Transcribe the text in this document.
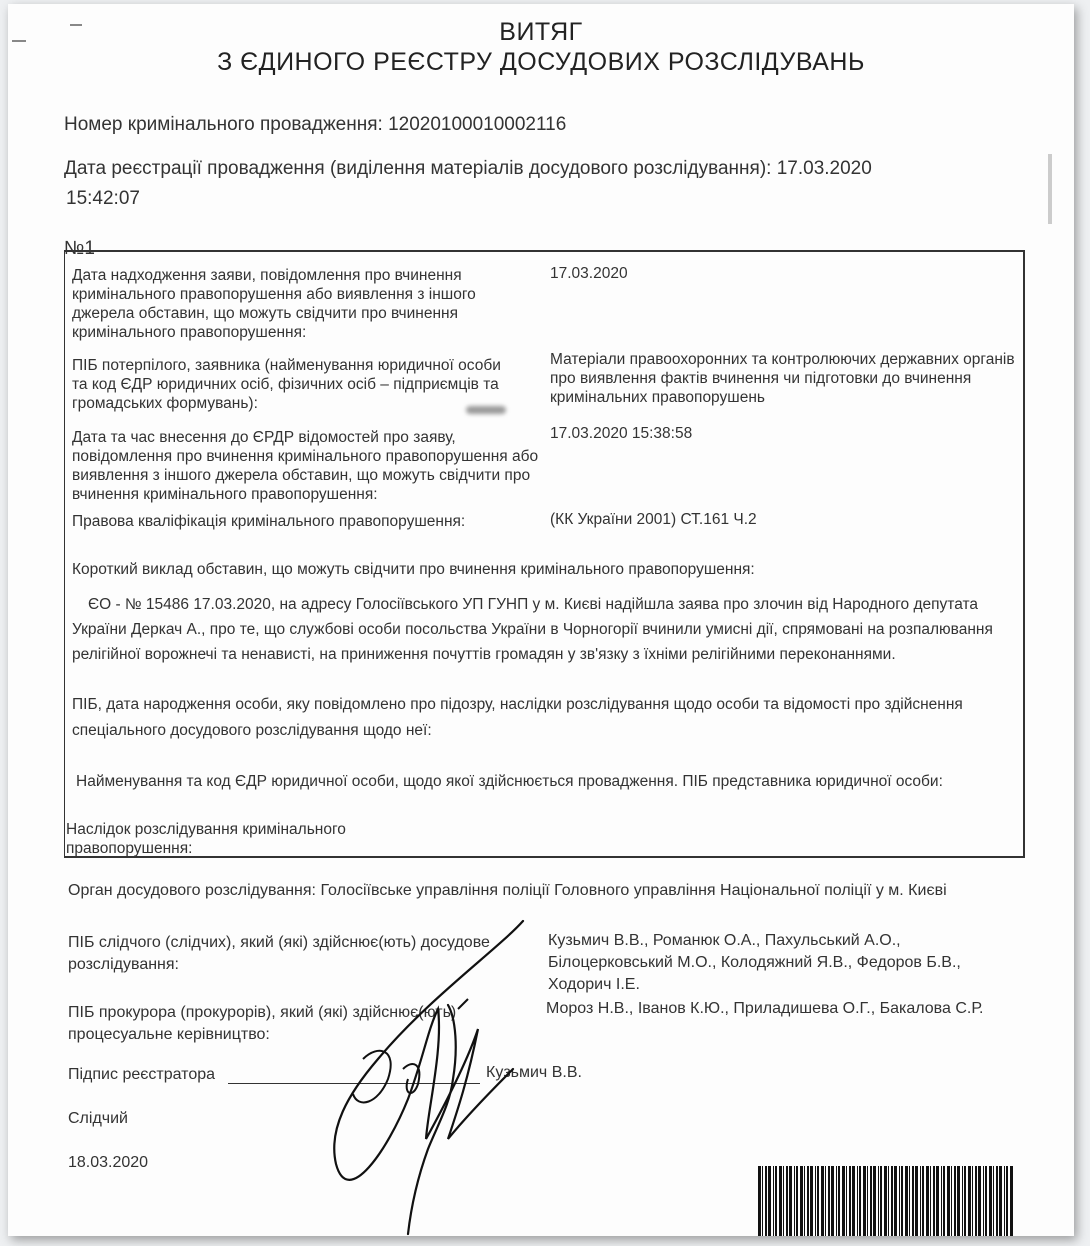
ВИТЯГ
З ЄДИНОГО РЕЄСТРУ ДОСУДОВИХ РОЗСЛІДУВАНЬ
Номер кримінального провадження: 12020100010002116
Дата реєстрації провадження (виділення матеріалів досудового розслідування): 17.03.2020
15:42:07
№1
Дата надходження заяви, повідомлення про вчинення
кримінального правопорушення або виявлення з іншого
джерела обставин, що можуть свідчити про вчинення
кримінального правопорушення:
17.03.2020
ПІБ потерпілого, заявника (найменування юридичної особи
та код ЄДР юридичних осіб, фізичних осіб – підприємців та
громадських формувань):
Матеріали правоохоронних та контролюючих державних органів
про виявлення фактів вчинення чи підготовки до вчинення
кримінальних правопорушень
Дата та час внесення до ЄРДР відомостей про заяву,
повідомлення про вчинення кримінального правопорушення або
виявлення з іншого джерела обставин, що можуть свідчити про
вчинення кримінального правопорушення:
17.03.2020 15:38:58
Правова кваліфікація кримінального правопорушення:	(КК України 2001) СТ.161 Ч.2
Короткий виклад обставин, що можуть свідчити про вчинення кримінального правопорушення:
ЄО - № 15486 17.03.2020, на адресу Голосіївського УП ГУНП у м. Києві надійшла заява про злочин від Народного депутата
України Деркач А., про те, що службові особи посольства України в Чорногорії вчинили умисні дії, спрямовані на розпалювання
релігійної ворожнечі та ненависті, на приниження почуттів громадян у зв'язку з їхніми релігійними переконаннями.
ПІБ, дата народження особи, яку повідомлено про підозру, наслідки розслідування щодо особи та відомості про здійснення
спеціального досудового розслідування щодо неї:
Найменування та код ЄДР юридичної особи, щодо якої здійснюється провадження. ПІБ представника юридичної особи:
Наслідок розслідування кримінального
правопорушення:
Орган досудового розслідування: Голосіївське управління поліції Головного управління Національної поліції у м. Києві
ПІБ слідчого (слідчих), який (які) здійснює(ють) досудове
розслідування:
Кузьмич В.В., Романюк О.А., Пахульський А.О.,
Білоцерковський М.О., Колодяжний Я.В., Федоров Б.В.,
Ходорич І.Е.
ПІБ прокурора (прокурорів), який (які) здійснює(ють)
процесуальне керівництво:
Мороз Н.В., Іванов К.Ю., Приладишева О.Г., Бакалова С.Р.
Підпис реєстратора	Кузьмич В.В.
Слідчий
18.03.2020
